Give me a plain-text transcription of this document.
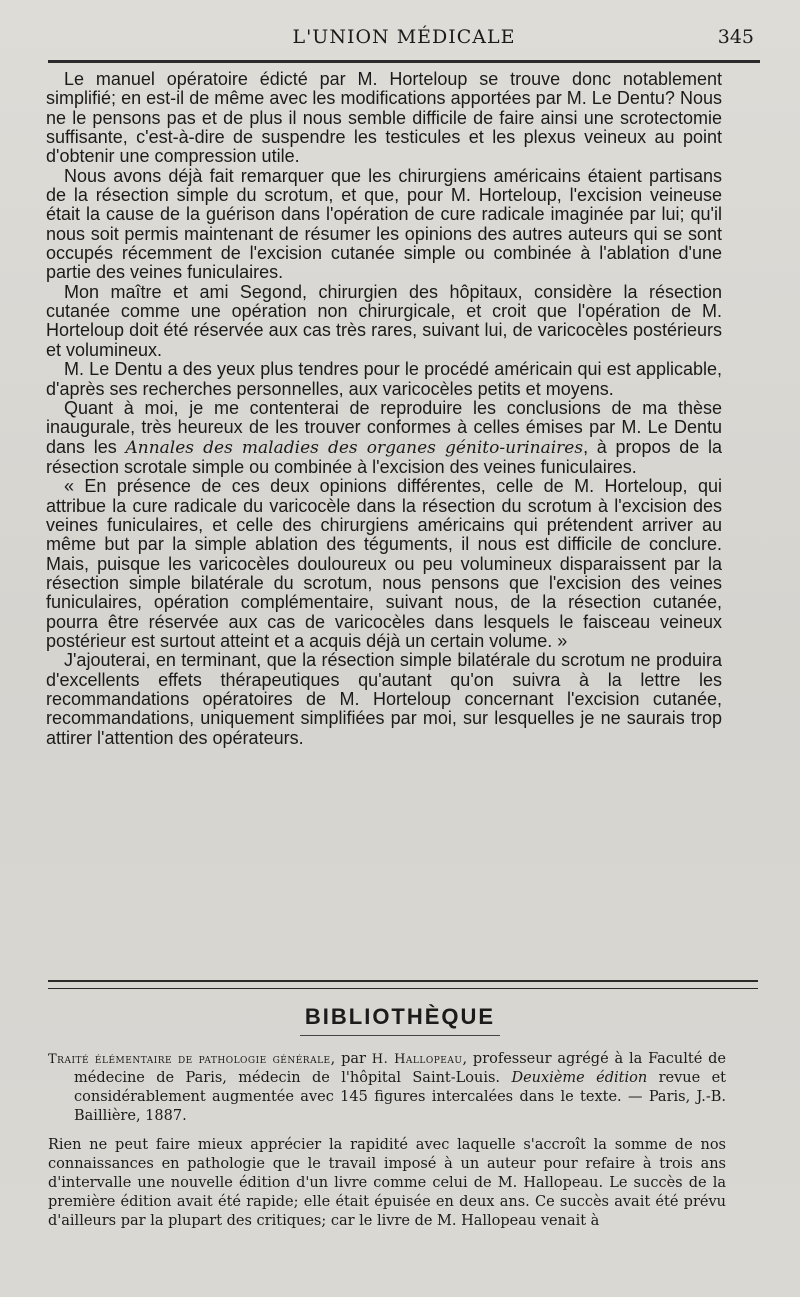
L'UNION MÉDICALE	345

Le manuel opératoire édicté par M. Horteloup se trouve donc notablement simplifié; en est-il de même avec les modifications apportées par M. Le Dentu? Nous ne le pensons pas et de plus il nous semble difficile de faire ainsi une scrotectomie suffisante, c'est-à-dire de suspendre les testicules et les plexus veineux au point d'obtenir une compression utile.

Nous avons déjà fait remarquer que les chirurgiens américains étaient partisans de la résection simple du scrotum, et que, pour M. Horteloup, l'excision veineuse était la cause de la guérison dans l'opération de cure radicale imaginée par lui; qu'il nous soit permis maintenant de résumer les opinions des autres auteurs qui se sont occupés récemment de l'excision cutanée simple ou combinée à l'ablation d'une partie des veines funiculaires.

Mon maître et ami Segond, chirurgien des hôpitaux, considère la résection cutanée comme une opération non chirurgicale, et croit que l'opération de M. Horteloup doit été réservée aux cas très rares, suivant lui, de varicocèles postérieurs et volumineux.

M. Le Dentu a des yeux plus tendres pour le procédé américain qui est applicable, d'après ses recherches personnelles, aux varicocèles petits et moyens.

Quant à moi, je me contenterai de reproduire les conclusions de ma thèse inaugurale, très heureux de les trouver conformes à celles émises par M. Le Dentu dans les Annales des maladies des organes génito-urinaires, à propos de la résection scrotale simple ou combinée à l'excision des veines funiculaires.

« En présence de ces deux opinions différentes, celle de M. Horteloup, qui attribue la cure radicale du varicocèle dans la résection du scrotum à l'excision des veines funiculaires, et celle des chirurgiens américains qui prétendent arriver au même but par la simple ablation des téguments, il nous est difficile de conclure. Mais, puisque les varicocèles douloureux ou peu volumineux disparaissent par la résection simple bilatérale du scrotum, nous pensons que l'excision des veines funiculaires, opération complémentaire, suivant nous, de la résection cutanée, pourra être réservée aux cas de varicocèles dans lesquels le faisceau veineux postérieur est surtout atteint et a acquis déjà un certain volume. »

J'ajouterai, en terminant, que la résection simple bilatérale du scrotum ne produira d'excellents effets thérapeutiques qu'autant qu'on suivra à la lettre les recommandations opératoires de M. Horteloup concernant l'excision cutanée, recommandations, uniquement simplifiées par moi, sur lesquelles je ne saurais trop attirer l'attention des opérateurs.

BIBLIOTHÈQUE

Traité élémentaire de pathologie générale, par H. Hallopeau, professeur agrégé à la Faculté de médecine de Paris, médecin de l'hôpital Saint-Louis. Deuxième édition revue et considérablement augmentée avec 145 figures intercalées dans le texte. — Paris, J.-B. Baillière, 1887.

Rien ne peut faire mieux apprécier la rapidité avec laquelle s'accroît la somme de nos connaissances en pathologie que le travail imposé à un auteur pour refaire à trois ans d'intervalle une nouvelle édition d'un livre comme celui de M. Hallopeau. Le succès de la première édition avait été rapide; elle était épuisée en deux ans. Ce succès avait été prévu d'ailleurs par la plupart des critiques; car le livre de M. Hallopeau venait à
